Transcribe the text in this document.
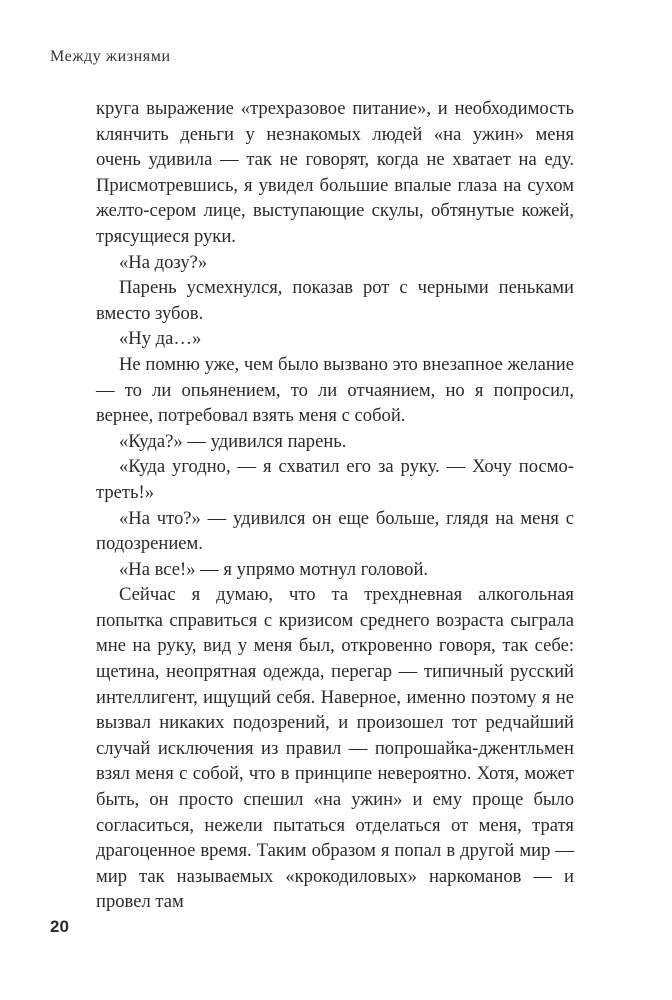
Между жизнями

круга выражение «трехразовое питание», и необходимость клянчить деньги у незнакомых людей «на ужин» меня очень удивила — так не говорят, когда не хватает на еду. Присмотревшись, я увидел большие впалые глаза на сухом желто-сером лице, выступающие скулы, обтянутые кожей, трясущиеся руки.

«На дозу?»

Парень усмехнулся, показав рот с черными пеньками вместо зубов.

«Ну да…»

Не помню уже, чем было вызвано это внезапное желание — то ли опьянением, то ли отчаянием, но я попросил, вернее, потребовал взять меня с собой.

«Куда?» — удивился парень.

«Куда угодно, — я схватил его за руку. — Хочу посмотреть!»

«На что?» — удивился он еще больше, глядя на меня с подозрением.

«На все!» — я упрямо мотнул головой.

Сейчас я думаю, что та трехдневная алкогольная попытка справиться с кризисом среднего возраста сыграла мне на руку, вид у меня был, откровенно говоря, так себе: щетина, неопрятная одежда, перегар — типичный русский интеллигент, ищущий себя. Наверное, именно поэтому я не вызвал никаких подозрений, и произошел тот редчайший случай исключения из правил — попрошайка-джентльмен взял меня с собой, что в принципе невероятно. Хотя, может быть, он просто спешил «на ужин» и ему проще было согласиться, нежели пытаться отделаться от меня, тратя драгоценное время. Таким образом я попал в другой мир — мир так называемых «крокодиловых» наркоманов — и провел там

20
